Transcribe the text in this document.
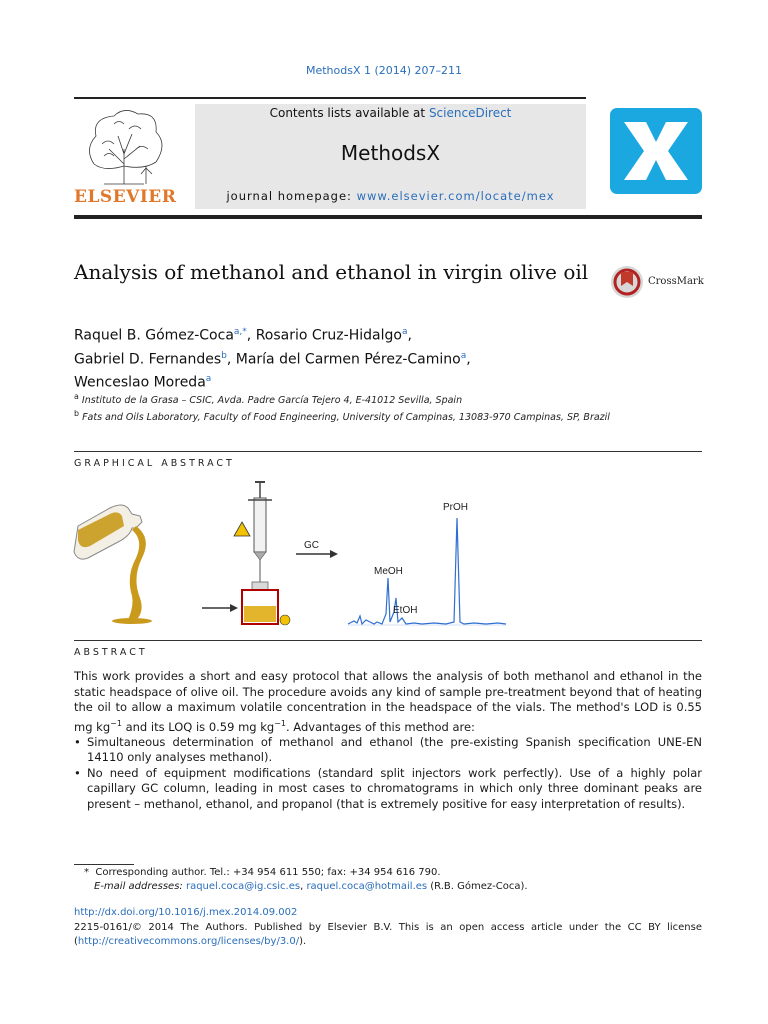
MethodsX 1 (2014) 207–211
ELSEVIER
Contents lists available at ScienceDirect
MethodsX
journal homepage: www.elsevier.com/locate/mex
Analysis of methanol and ethanol in virgin olive oil	CrossMark
Raquel B. Gómez-Coca$^{a,*}$, Rosario Cruz-Hidalgo$^a$,
Gabriel D. Fernandes$^b$, María del Carmen Pérez-Camino$^a$,
Wenceslao Moreda$^a$
$^a$ Instituto de la Grasa – CSIC, Avda. Padre García Tejero 4, E-41012 Sevilla, Spain
$^b$ Fats and Oils Laboratory, Faculty of Food Engineering, University of Campinas, 13083-970 Campinas, SP, Brazil
GRAPHICAL ABSTRACT
GC
MeOH
EtOH
PrOH
ABSTRACT

This work provides a short and easy protocol that allows the analysis of both methanol and ethanol in the static headspace of olive oil. The procedure avoids any kind of sample pre-treatment beyond that of heating the oil to allow a maximum volatile concentration in the headspace of the vials. The method's LOD is 0.55 mg $kg^{-1}$ and its LOQ is 0.59 mg $kg^{-1}$. Advantages of this method are:

• Simultaneous determination of methanol and ethanol (the pre-existing Spanish specification UNE-EN 14110 only analyses methanol).
• No need of equipment modifications (standard split injectors work perfectly). Use of a highly polar capillary GC column, leading in most cases to chromatograms in which only three dominant peaks are present – methanol, ethanol, and propanol (that is extremely positive for easy interpretation of results).
* Corresponding author. Tel.: +34 954 611 550; fax: +34 954 616 790.
E-mail addresses: raquel.coca@ig.csic.es, raquel.coca@hotmail.es (R.B. Gómez-Coca).
http://dx.doi.org/10.1016/j.mex.2014.09.002
2215-0161/© 2014 The Authors. Published by Elsevier B.V. This is an open access article under the CC BY license (http://creativecommons.org/licenses/by/3.0/).
